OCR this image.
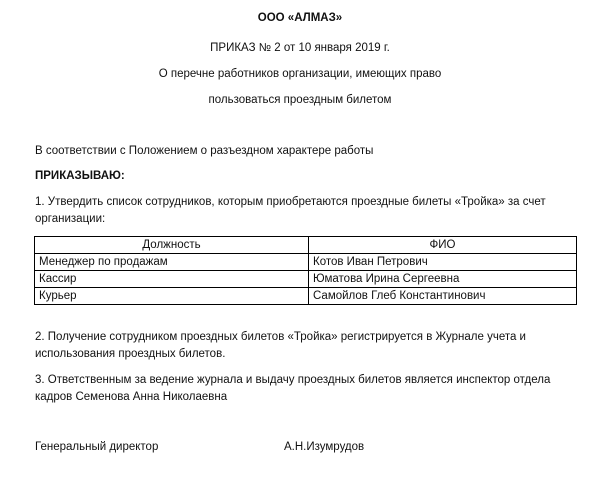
ООО «АЛМАЗ»
ПРИКАЗ № 2 от 10 января 2019 г.
О перечне работников организации, имеющих право
пользоваться проездным билетом
В соответствии с Положением о разъездном характере работы
ПРИКАЗЫВАЮ:
1. Утвердить список сотрудников, которым приобретаются проездные билеты «Тройка» за счет
организации:
Должность	ФИО
Менеджер по продажам	Котов Иван Петрович
Кассир	Юматова Ирина Сергеевна
Курьер	Самойлов Глеб Константинович
2. Получение сотрудником проездных билетов «Тройка» регистрируется в Журнале учета и
использования проездных билетов.
3. Ответственным за ведение журнала и выдачу проездных билетов является инспектор отдела
кадров Семенова Анна Николаевна
Генеральный директор	А.Н.Изумрудов
